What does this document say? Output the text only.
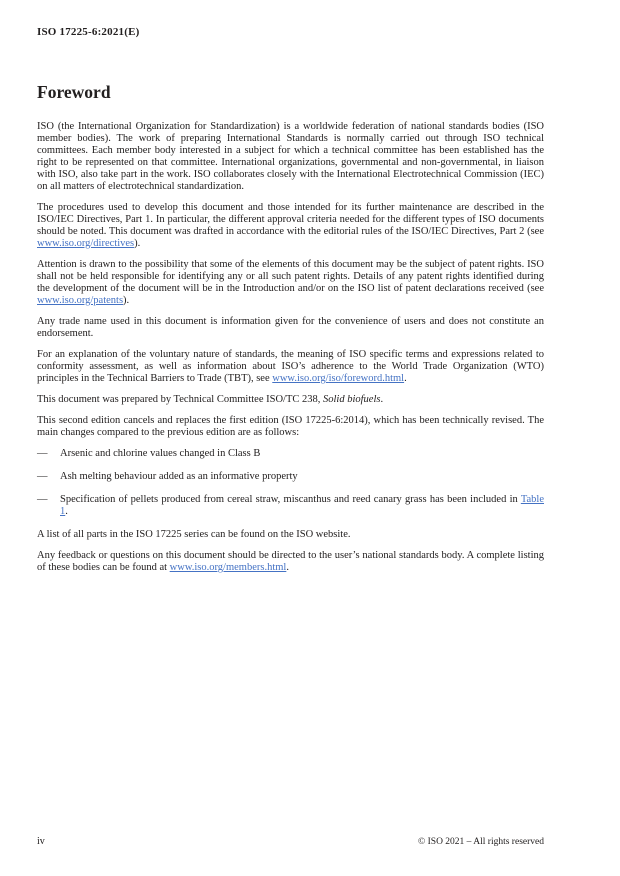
ISO 17225-6:2021(E)
Foreword

ISO (the International Organization for Standardization) is a worldwide federation of national standards bodies (ISO member bodies). The work of preparing International Standards is normally carried out through ISO technical committees. Each member body interested in a subject for which a technical committee has been established has the right to be represented on that committee. International organizations, governmental and non-governmental, in liaison with ISO, also take part in the work. ISO collaborates closely with the International Electrotechnical Commission (IEC) on all matters of electrotechnical standardization.

The procedures used to develop this document and those intended for its further maintenance are described in the ISO/IEC Directives, Part 1. In particular, the different approval criteria needed for the different types of ISO documents should be noted. This document was drafted in accordance with the editorial rules of the ISO/IEC Directives, Part 2 (see www.iso.org/directives).

Attention is drawn to the possibility that some of the elements of this document may be the subject of patent rights. ISO shall not be held responsible for identifying any or all such patent rights. Details of any patent rights identified during the development of the document will be in the Introduction and/or on the ISO list of patent declarations received (see www.iso.org/patents).

Any trade name used in this document is information given for the convenience of users and does not constitute an endorsement.

For an explanation of the voluntary nature of standards, the meaning of ISO specific terms and expressions related to conformity assessment, as well as information about ISO’s adherence to the World Trade Organization (WTO) principles in the Technical Barriers to Trade (TBT), see www.iso.org/iso/foreword.html.

This document was prepared by Technical Committee ISO/TC 238, Solid biofuels.

This second edition cancels and replaces the first edition (ISO 17225-6:2014), which has been technically revised. The main changes compared to the previous edition are as follows:

— Arsenic and chlorine values changed in Class B
— Ash melting behaviour added as an informative property
— Specification of pellets produced from cereal straw, miscanthus and reed canary grass has been included in Table 1.

A list of all parts in the ISO 17225 series can be found on the ISO website.

Any feedback or questions on this document should be directed to the user’s national standards body. A complete listing of these bodies can be found at www.iso.org/members.html.

iv	© ISO 2021 – All rights reserved
